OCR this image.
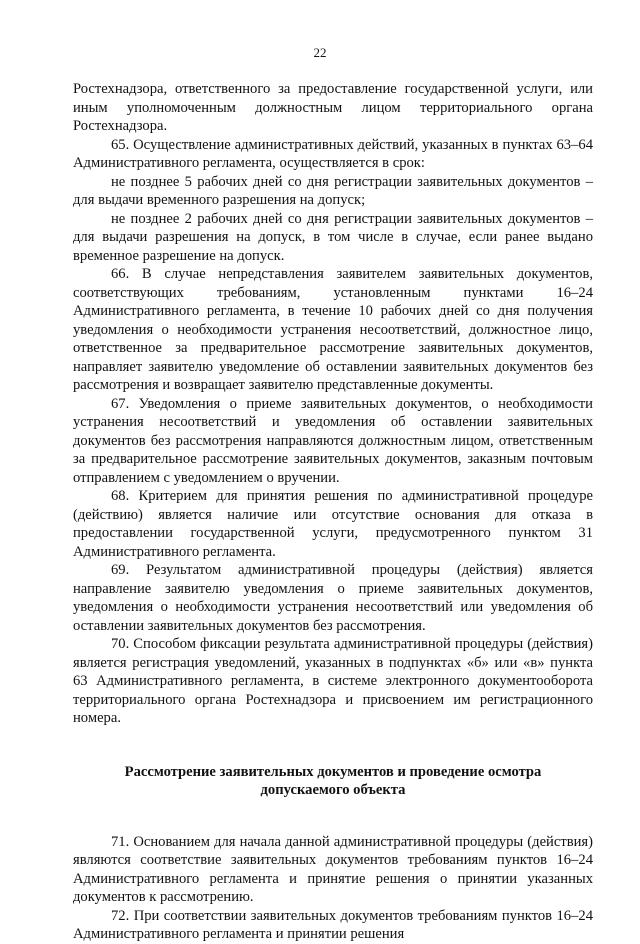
22

Ростехнадзора, ответственного за предоставление государственной услуги, или иным уполномоченным должностным лицом территориального органа Ростехнадзора.

65. Осуществление административных действий, указанных в пунктах 63–64 Административного регламента, осуществляется в срок:

не позднее 5 рабочих дней со дня регистрации заявительных документов – для выдачи временного разрешения на допуск;

не позднее 2 рабочих дней со дня регистрации заявительных документов – для выдачи разрешения на допуск, в том числе в случае, если ранее выдано временное разрешение на допуск.

66. В случае непредставления заявителем заявительных документов, соответствующих требованиям, установленным пунктами 16–24 Административного регламента, в течение 10 рабочих дней со дня получения уведомления о необходимости устранения несоответствий, должностное лицо, ответственное за предварительное рассмотрение заявительных документов, направляет заявителю уведомление об оставлении заявительных документов без рассмотрения и возвращает заявителю представленные документы.

67. Уведомления о приеме заявительных документов, о необходимости устранения несоответствий и уведомления об оставлении заявительных документов без рассмотрения направляются должностным лицом, ответственным за предварительное рассмотрение заявительных документов, заказным почтовым отправлением с уведомлением о вручении.

68. Критерием для принятия решения по административной процедуре (действию) является наличие или отсутствие основания для отказа в предоставлении государственной услуги, предусмотренного пунктом 31 Административного регламента.

69. Результатом административной процедуры (действия) является направление заявителю уведомления о приеме заявительных документов, уведомления о необходимости устранения несоответствий или уведомления об оставлении заявительных документов без рассмотрения.

70. Способом фиксации результата административной процедуры (действия) является регистрация уведомлений, указанных в подпунктах «б» или «в» пункта 63 Административного регламента, в системе электронного документооборота территориального органа Ростехнадзора и присвоением им регистрационного номера.

Рассмотрение заявительных документов и проведение осмотра
допускаемого объекта

71. Основанием для начала данной административной процедуры (действия) являются соответствие заявительных документов требованиям пунктов 16–24 Административного регламента и принятие решения о принятии указанных документов к рассмотрению.

72. При соответствии заявительных документов требованиям пунктов 16–24 Административного регламента и принятии решения
